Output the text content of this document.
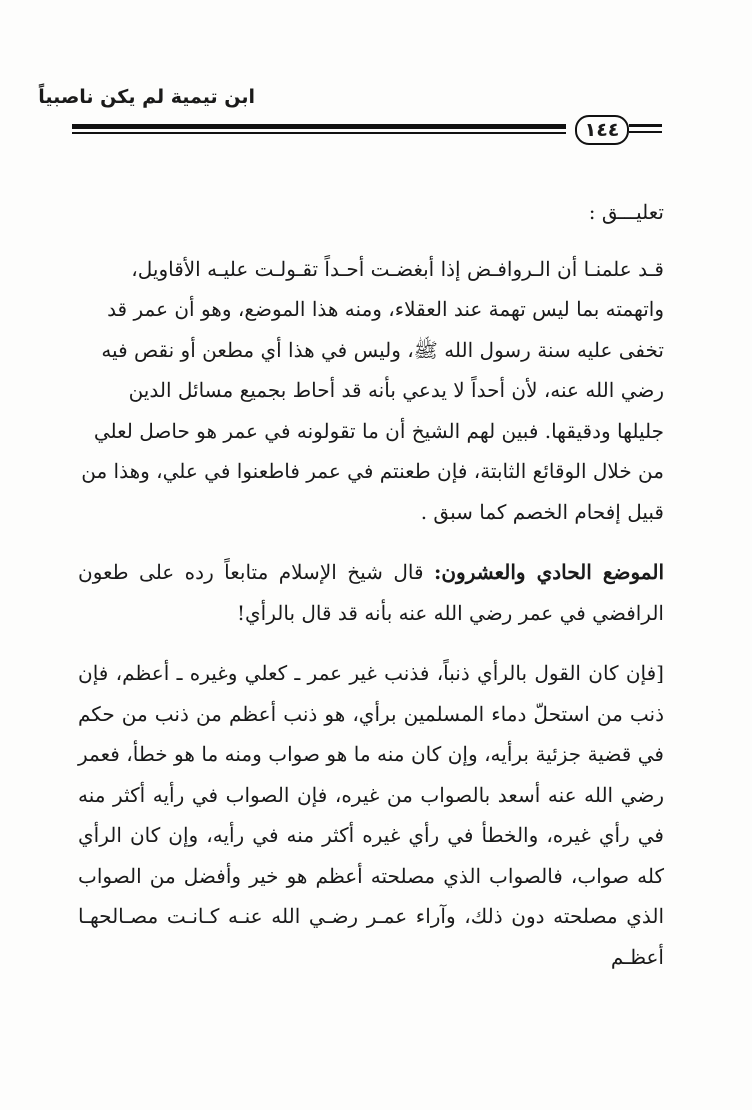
ابن تيمية لم يكن ناصبياً
١٤٤

تعليـــق :

قـد علمنـا أن الـروافـض إذا أبغضـت أحـداً تقـولـت عليـه الأقاويل، واتهمته بما ليس تهمة عند العقلاء، ومنه هذا الموضع، وهو أن عمر قد تخفى عليه سنة رسول الله ﷺ، وليس في هذا أي مطعن أو نقص فيه رضي الله عنه، لأن أحداً لا يدعي بأنه قد أحاط بجميع مسائل الدين جليلها ودقيقها. فبين لهم الشيخ أن ما تقولونه في عمر هو حاصل لعلي من خلال الوقائع الثابتة، فإن طعنتم في عمر فاطعنوا في علي، وهذا من قبيل إفحام الخصم كما سبق .

الموضع الحادي والعشرون: قال شيخ الإسلام متابعاً رده على طعون الرافضي في عمر رضي الله عنه بأنه قد قال بالرأي!

[فإن كان القول بالرأي ذنباً، فذنب غير عمر ـ كعلي وغيره ـ أعظم، فإن ذنب من استحلّ دماء المسلمين برأي، هو ذنب أعظم من ذنب من حكم في قضية جزئية برأيه، وإن كان منه ما هو صواب ومنه ما هو خطأ، فعمر رضي الله عنه أسعد بالصواب من غيره، فإن الصواب في رأيه أكثر منه في رأي غيره، والخطأ في رأي غيره أكثر منه في رأيه، وإن كان الرأي كله صواب، فالصواب الذي مصلحته أعظم هو خير وأفضل من الصواب الذي مصلحته دون ذلك، وآراء عمـر رضـي الله عنـه كـانـت مصـالحهـا أعظـم
